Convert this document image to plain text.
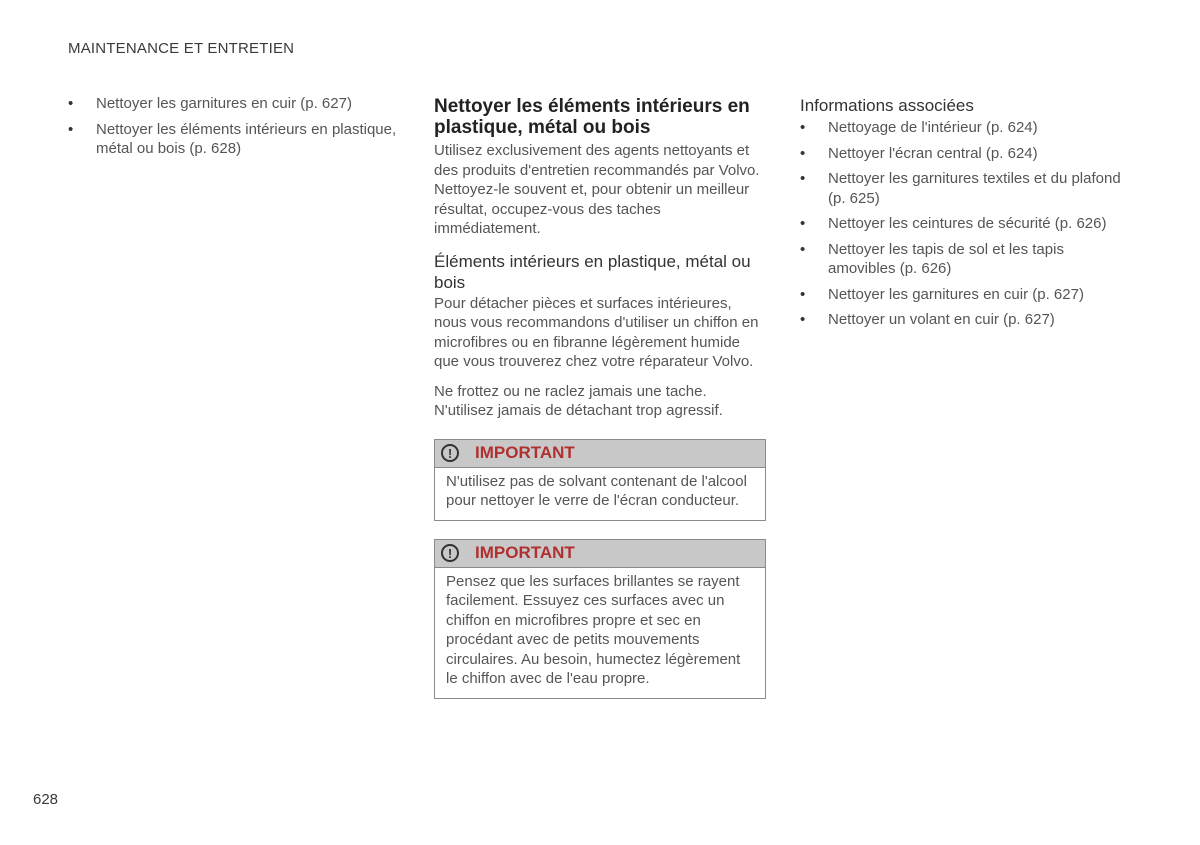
MAINTENANCE ET ENTRETIEN
• Nettoyer les garnitures en cuir (p. 627)
• Nettoyer les éléments intérieurs en plastique, métal ou bois (p. 628)
Nettoyer les éléments intérieurs en plastique, métal ou bois

Utilisez exclusivement des agents nettoyants et des produits d'entretien recommandés par Volvo. Nettoyez-le souvent et, pour obtenir un meilleur résultat, occupez-vous des taches immédiatement.

Éléments intérieurs en plastique, métal ou bois

Pour détacher pièces et surfaces intérieures, nous vous recommandons d'utiliser un chiffon en microfibres ou en fibranne légèrement humide que vous trouverez chez votre réparateur Volvo.

Ne frottez ou ne raclez jamais une tache. N'utilisez jamais de détachant trop agressif.

!	IMPORTANT
N'utilisez pas de solvant contenant de l'alcool pour nettoyer le verre de l'écran conducteur.
!	IMPORTANT
Pensez que les surfaces brillantes se rayent facilement. Essuyez ces surfaces avec un chiffon en microfibres propre et sec en procédant avec de petits mouvements circulaires. Au besoin, humectez légèrement le chiffon avec de l'eau propre.
Informations associées
• Nettoyage de l'intérieur (p. 624)
• Nettoyer l'écran central (p. 624)
• Nettoyer les garnitures textiles et du plafond (p. 625)
• Nettoyer les ceintures de sécurité (p. 626)
• Nettoyer les tapis de sol et les tapis amovibles (p. 626)
• Nettoyer les garnitures en cuir (p. 627)
• Nettoyer un volant en cuir (p. 627)
628
